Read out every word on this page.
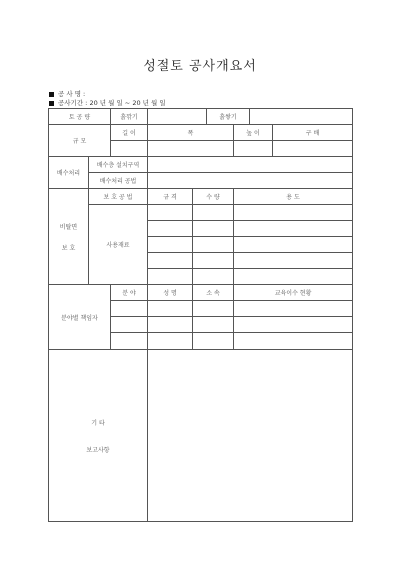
성절토 공사개요서
공 사 명 :
공사기간 : 20 년 월 일 ~ 20 년 월 일
토 공 량		흙깎기			흙쌓기			
규 모		길 이	폭			높 이		구 배

배수처리	배수층 설치구역							
	배수처리 공법							

비탈면
보 호	보 호 공 법		규 격	수 량		용 도		
	사용재료							

분야별 책임자		분 야	성 명	소 속		교육이수 현황		

기 타
보고사항								
